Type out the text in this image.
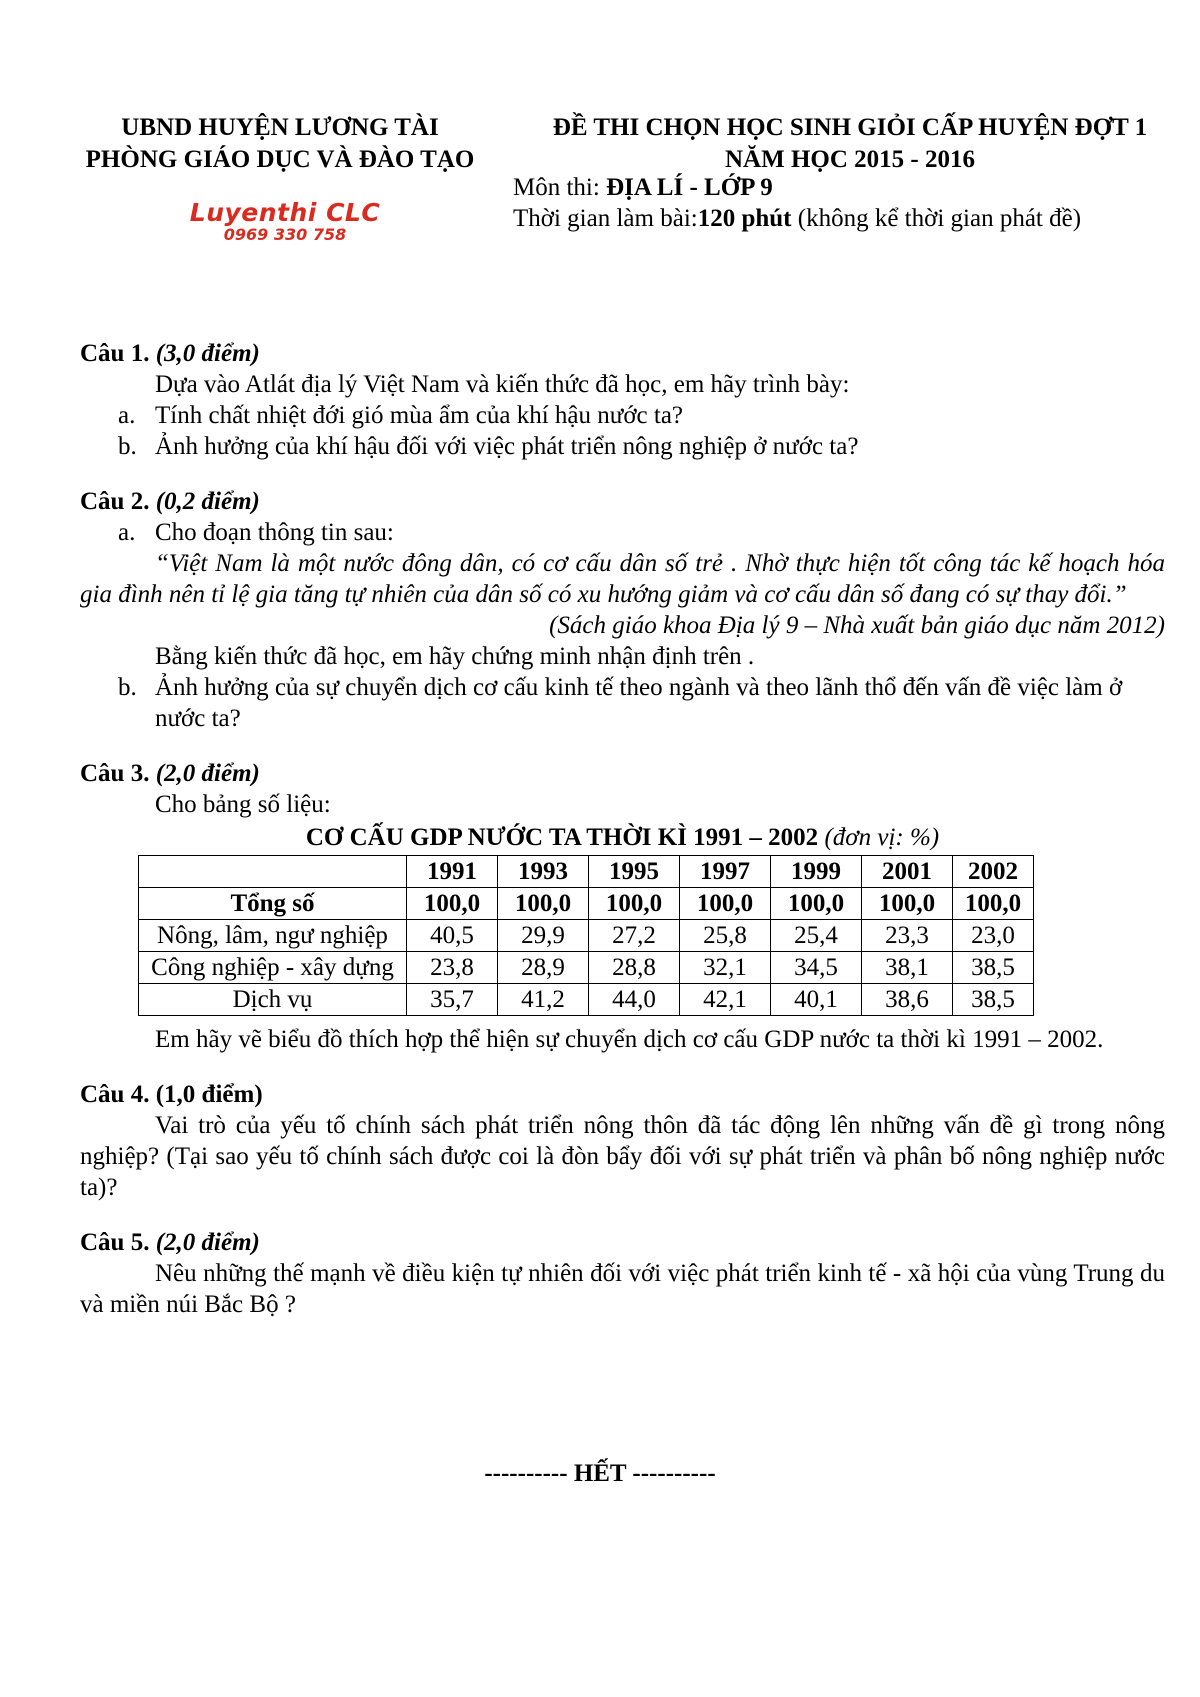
UBND HUYỆN LƯƠNG TÀI
PHÒNG GIÁO DỤC VÀ ĐÀO TẠO
Luyenthi CLC
0969 330 758
ĐỀ THI CHỌN HỌC SINH GIỎI CẤP HUYỆN ĐỢT 1
NĂM HỌC 2015 - 2016
Môn thi: ĐỊA LÍ - LỚP 9
Thời gian làm bài:120 phút (không kể thời gian phát đề)
Câu 1. (3,0 điểm)
Dựa vào Atlát địa lý Việt Nam và kiến thức đã học, em hãy trình bày:
a. Tính chất nhiệt đới gió mùa ẩm của khí hậu nước ta?
b. Ảnh hưởng của khí hậu đối với việc phát triển nông nghiệp ở nước ta?
Câu 2. (0,2 điểm)
a. Cho đoạn thông tin sau:
“Việt Nam là một nước đông dân, có cơ cấu dân số trẻ . Nhờ thực hiện tốt công tác kế hoạch hóa gia đình nên tỉ lệ gia tăng tự nhiên của dân số có xu hướng giảm và cơ cấu dân số đang có sự thay đổi.”
(Sách giáo khoa Địa lý 9 – Nhà xuất bản giáo dục năm 2012)
Bằng kiến thức đã học, em hãy chứng minh nhận định trên .
b. Ảnh hưởng của sự chuyển dịch cơ cấu kinh tế theo ngành và theo lãnh thổ đến vấn đề việc làm ở nước ta?
Câu 3. (2,0 điểm)
Cho bảng số liệu:
CƠ CẤU GDP NƯỚC TA THỜI KÌ 1991 – 2002 (đơn vị: %)
	1991	1993	1995	1997	1999	2001	2002
Tổng số	100,0	100,0	100,0	100,0	100,0	100,0	100,0
Nông, lâm, ngư nghiệp	40,5	29,9	27,2	25,8	25,4	23,3	23,0
Công nghiệp - xây dựng	23,8	28,9	28,8	32,1	34,5	38,1	38,5
Dịch vụ	35,7	41,2	44,0	42,1	40,1	38,6	38,5
Em hãy vẽ biểu đồ thích hợp thể hiện sự chuyển dịch cơ cấu GDP nước ta thời kì 1991 – 2002.
Câu 4. (1,0 điểm)
Vai trò của yếu tố chính sách phát triển nông thôn đã tác động lên những vấn đề gì trong nông nghiệp? (Tại sao yếu tố chính sách được coi là đòn bẩy đối với sự phát triển và phân bố nông nghiệp nước ta)?
Câu 5. (2,0 điểm)
Nêu những thế mạnh về điều kiện tự nhiên đối với việc phát triển kinh tế - xã hội của vùng Trung du và miền núi Bắc Bộ ?
---------- HẾT ----------
